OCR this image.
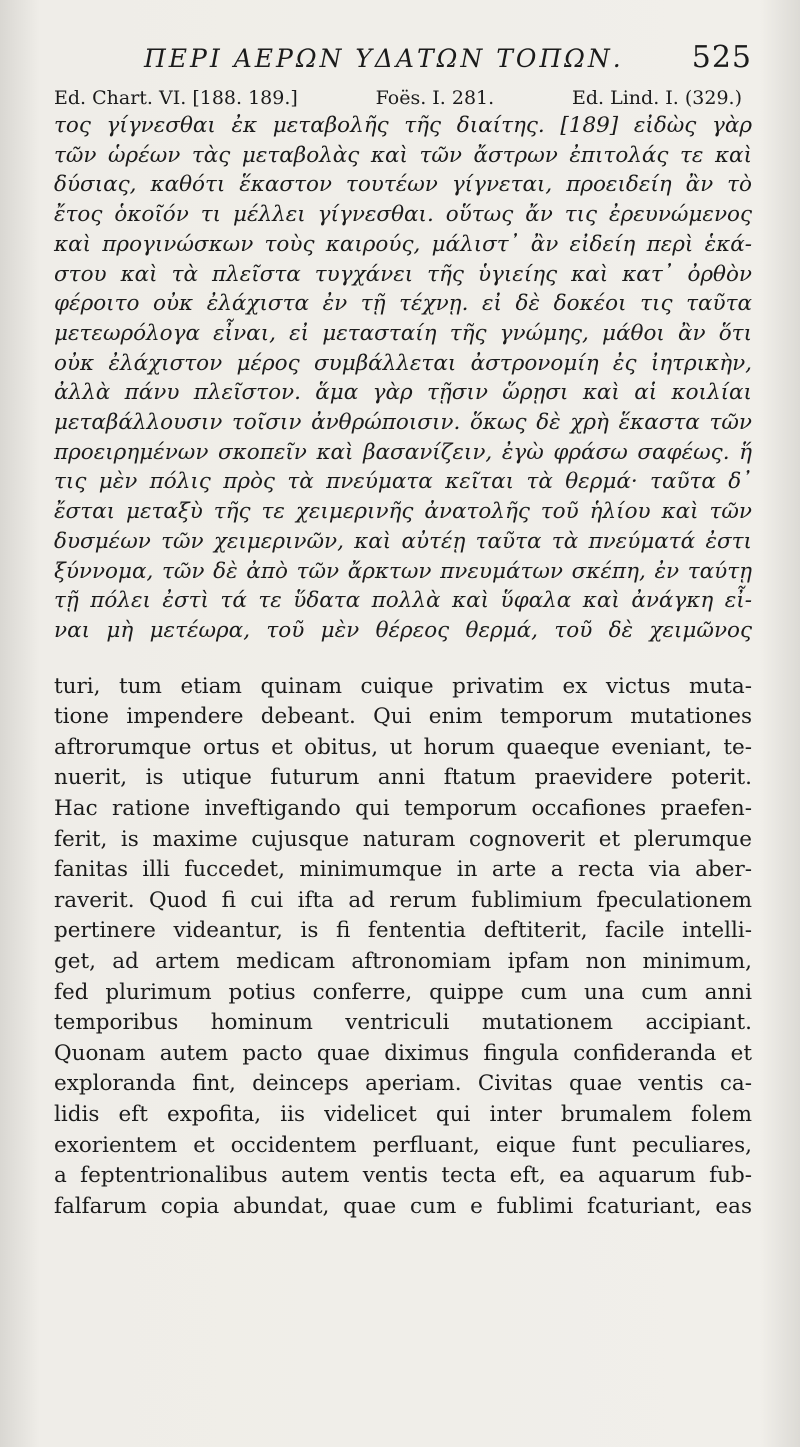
ΠΕΡΙ ΑΕΡΩΝ ΥΔΑΤΩΝ ΤΟΠΩΝ. 525
Ed. Chart. VI. [188. 189.]	Foës. I. 281.	Ed. Lind. I. (329.)
τος γίγνεσθαι ἐκ μεταβολῆς τῆς διαίτης. [189] εἰδὼς γὰρ
τῶν ὡρέων τὰς μεταβολὰς καὶ τῶν ἄστρων ἐπιτολάς τε καὶ
δύσιας, καθότι ἕκαστον τουτέων γίγνεται, προειδείη ἂν τὸ
ἔτος ὁκοῖόν τι μέλλει γίγνεσθαι. οὕτως ἄν τις ἐρευνώμενος
καὶ προγινώσκων τοὺς καιρούς, μάλιστ᾽ ἂν εἰδείη περὶ ἑκά-
στου καὶ τὰ πλεῖστα τυγχάνει τῆς ὑγιείης καὶ κατ᾽ ὀρθὸν
φέροιτο οὐκ ἐλάχιστα ἐν τῇ τέχνῃ. εἰ δὲ δοκέοι τις ταῦτα
μετεωρόλογα εἶναι, εἰ μετασταίη τῆς γνώμης, μάθοι ἂν ὅτι
οὐκ ἐλάχιστον μέρος συμβάλλεται ἀστρονομίη ἐς ἰητρικὴν,
ἀλλὰ πάνυ πλεῖστον. ἅμα γὰρ τῇσιν ὥρῃσι καὶ αἱ κοιλίαι
μεταβάλλουσιν τοῖσιν ἀνθρώποισιν. ὅκως δὲ χρὴ ἕκαστα τῶν
προειρημένων σκοπεῖν καὶ βασανίζειν, ἐγὼ φράσω σαφέως. ἥ
τις μὲν πόλις πρὸς τὰ πνεύματα κεῖται τὰ θερμά· ταῦτα δ᾽
ἔσται μεταξὺ τῆς τε χειμερινῆς ἀνατολῆς τοῦ ἡλίου καὶ τῶν
δυσμέων τῶν χειμερινῶν, καὶ αὐτέῃ ταῦτα τὰ πνεύματά ἐστι
ξύννομα, τῶν δὲ ἀπὸ τῶν ἄρκτων πνευμάτων σκέπη, ἐν ταύτῃ
τῇ πόλει ἐστὶ τά τε ὕδατα πολλὰ καὶ ὕφαλα καὶ ἀνάγκη εἶ-
ναι μὴ μετέωρα, τοῦ μὲν θέρεος θερμά, τοῦ δὲ χειμῶνος
turi, tum etiam quinam cuique privatim ex victus muta-
tione impendere debeant. Qui enim temporum mutationes
aftrorumque ortus et obitus, ut horum quaeque eveniant, te-
nuerit, is utique futurum anni ftatum praevidere poterit.
Hac ratione inveftigando qui temporum occafiones praefen-
ferit, is maxime cujusque naturam cognoverit et plerumque
fanitas illi fuccedet, minimumque in arte a recta via aber-
raverit. Quod fi cui ifta ad rerum fublimium fpeculationem
pertinere videantur, is fi fententia deftiterit, facile intelli-
get, ad artem medicam aftronomiam ipfam non minimum,
fed plurimum potius conferre, quippe cum una cum anni
temporibus hominum ventriculi mutationem accipiant.
Quonam autem pacto quae diximus fingula confideranda et
exploranda fint, deinceps aperiam. Civitas quae ventis ca-
lidis eft expofita, iis videlicet qui inter brumalem folem
exorientem et occidentem perfluant, eique funt peculiares,
a feptentrionalibus autem ventis tecta eft, ea aquarum fub-
falfarum copia abundat, quae cum e fublimi fcaturiant, eas
